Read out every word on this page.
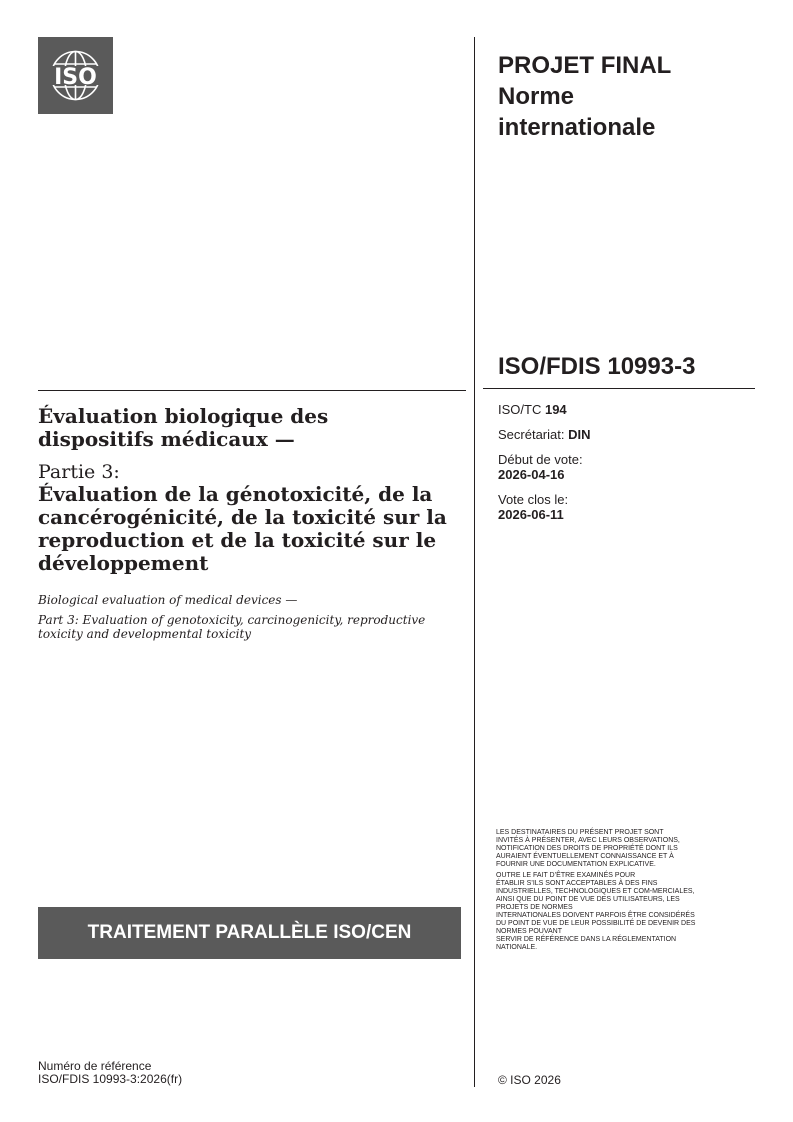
ISO	PROJET FINAL
Norme
internationale
ISO/FDIS 10993-3
ISO/TC 194
Secrétariat: DIN
Début de vote:
2026-04-16
Vote clos le:
2026-06-11
Évaluation biologique des
dispositifs médicaux —
Partie 3:
Évaluation de la génotoxicité, de la
cancérogénicité, de la toxicité sur la
reproduction et de la toxicité sur le
développement
Biological evaluation of medical devices —
Part 3: Evaluation of genotoxicity, carcinogenicity, reproductive
toxicity and developmental toxicity
TRAITEMENT PARALLÈLE ISO/CEN

LES DESTINATAIRES DU PRÉSENT PROJET SONT
INVITÉS À PRÉSENTER, AVEC LEURS OBSERVATIONS,
NOTIFICATION DES DROITS DE PROPRIÉTÉ DONT ILS
AURAIENT ÉVENTUELLEMENT CONNAISSANCE ET À
FOURNIR UNE DOCUMENTATION EXPLICATIVE.

OUTRE LE FAIT D’ÊTRE EXAMINÉS POUR
ÉTABLIR S’ILS SONT ACCEPTABLES À DES FINS
INDUSTRIELLES, TECHNOLOGIQUES ET COM-MERCIALES,
AINSI QUE DU POINT DE VUE DES UTILISATEURS, LES
PROJETS DE NORMES
INTERNATIONALES DOIVENT PARFOIS ÊTRE CONSIDÉRÉS
DU POINT DE VUE DE LEUR POSSIBILITÉ DE DEVENIR DES
NORMES POUVANT
SERVIR DE RÉFÉRENCE DANS LA RÉGLEMENTATION
NATIONALE.

Numéro de référence
ISO/FDIS 10993-3:2026(fr)	© ISO 2026
